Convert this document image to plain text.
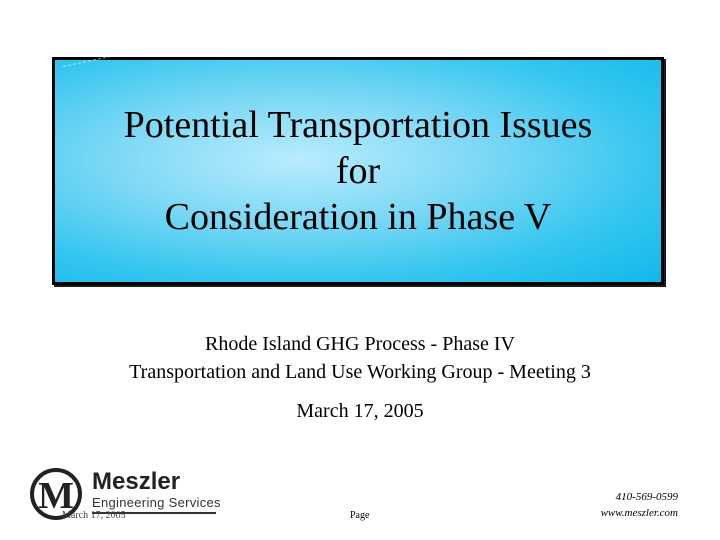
Potential Transportation Issues
for
Consideration in Phase V
Rhode Island GHG Process - Phase IV
Transportation and Land Use Working Group - Meeting 3
March 17, 2005
M Meszler
Engineering Services
March 17, 2005	Page
410-569-0599
www.meszler.com
